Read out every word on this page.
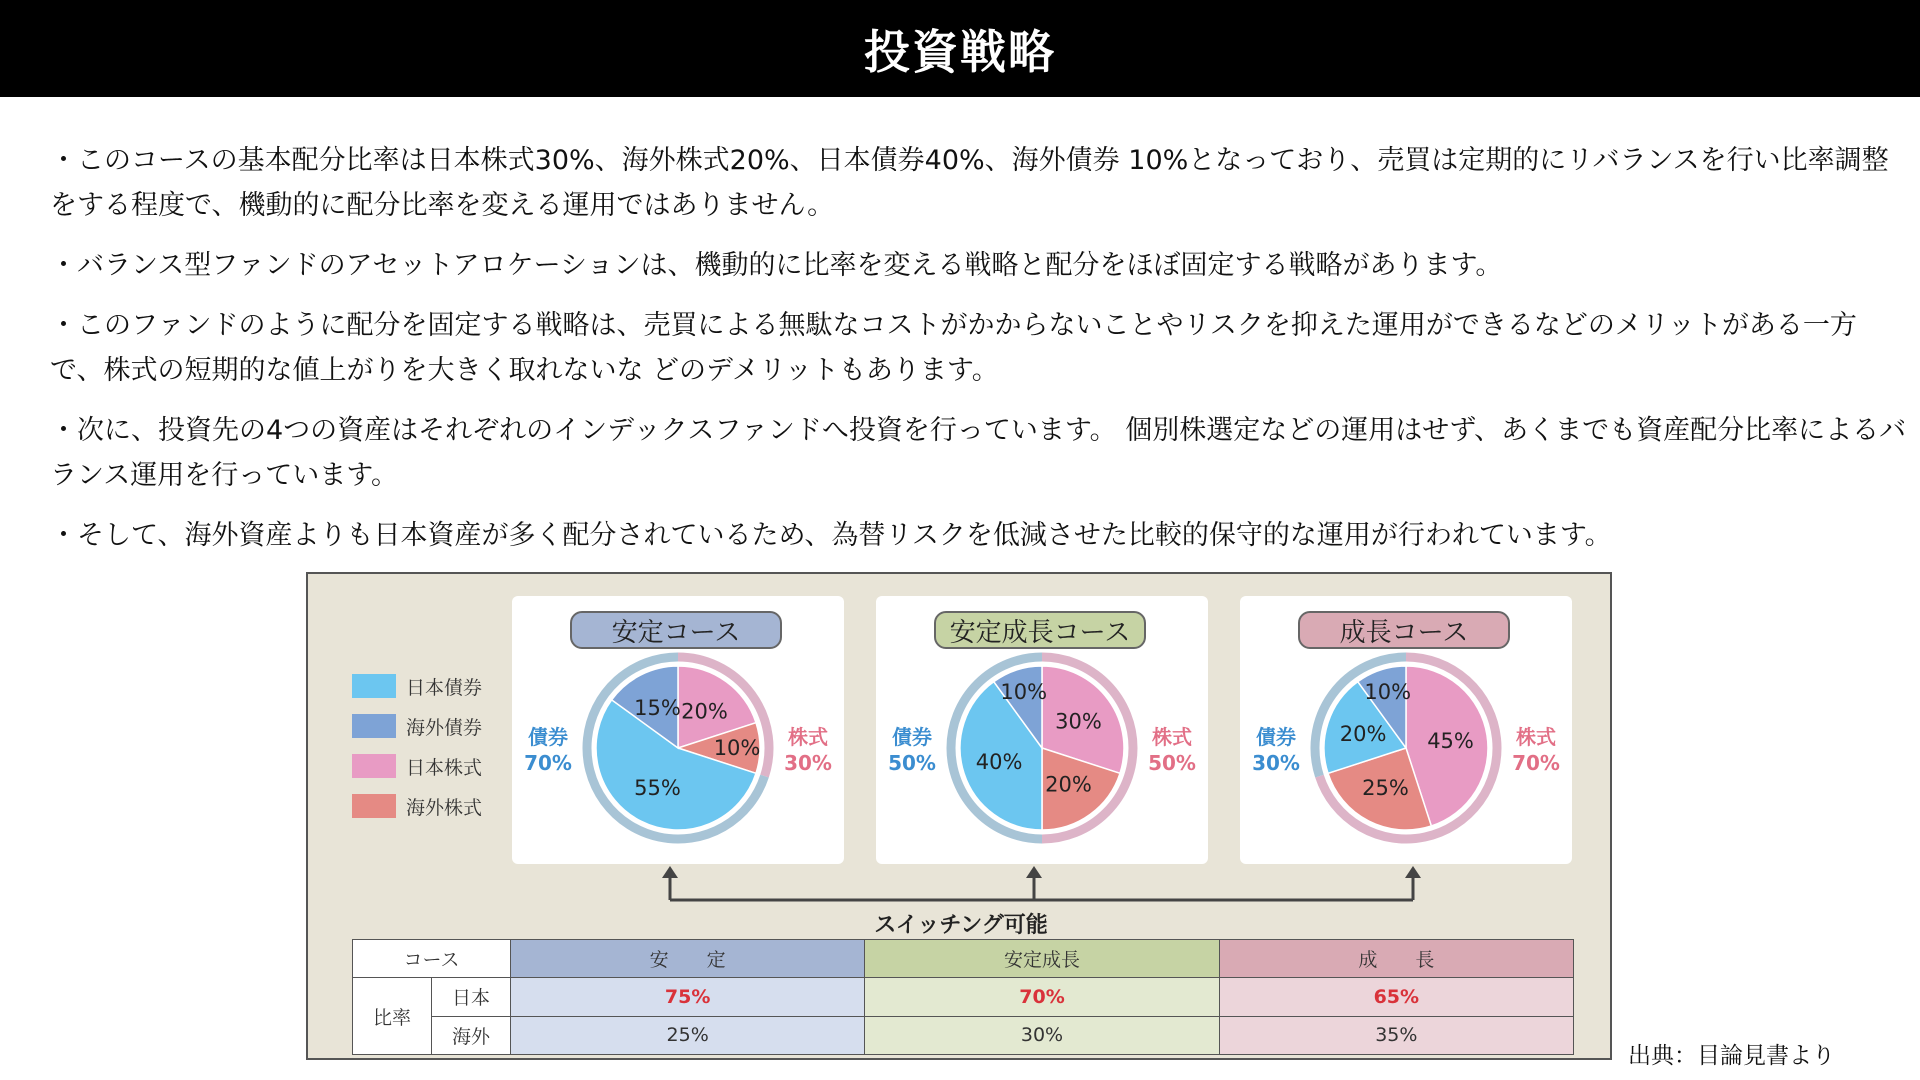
投資戦略

・このコースの基本配分比率は日本株式30%、海外株式20%、日本債券40%、海外債券 10%となっており、売買は定期的にリバランスを行い比率調整をする程度で、機動的に配分比率を変える運用ではありません。

・バランス型ファンドのアセットアロケーションは、機動的に比率を変える戦略と配分をほぼ固定する戦略があります。

・このファンドのように配分を固定する戦略は、売買による無駄なコストがかからないことやリスクを抑えた運用ができるなどのメリットがある一方で、株式の短期的な値上がりを大きく取れないな どのデメリットもあります。

・次に、投資先の4つの資産はそれぞれのインデックスファンドへ投資を行っています。 個別株選定などの運用はせず、あくまでも資産配分比率によるバランス運用を行っています。

・そして、海外資産よりも日本資産が多く配分されているため、為替リスクを低減させた比較的保守的な運用が行われています。

日本債券
海外債券
日本株式
海外株式
安定コース
債券
70%
株式
30%
20%
10%
55%
15%
安定成長コース
債券
50%
株式
50%
30%
20%
40%
10%
成長コース
債券
30%
株式
70%
45%
25%
20%
10%
スイッチング可能
コース		安　　定	安定成長	成　　長
比率	日本	75%	70%	65%
	海外	25%	30%	35%
出典：目論見書より
